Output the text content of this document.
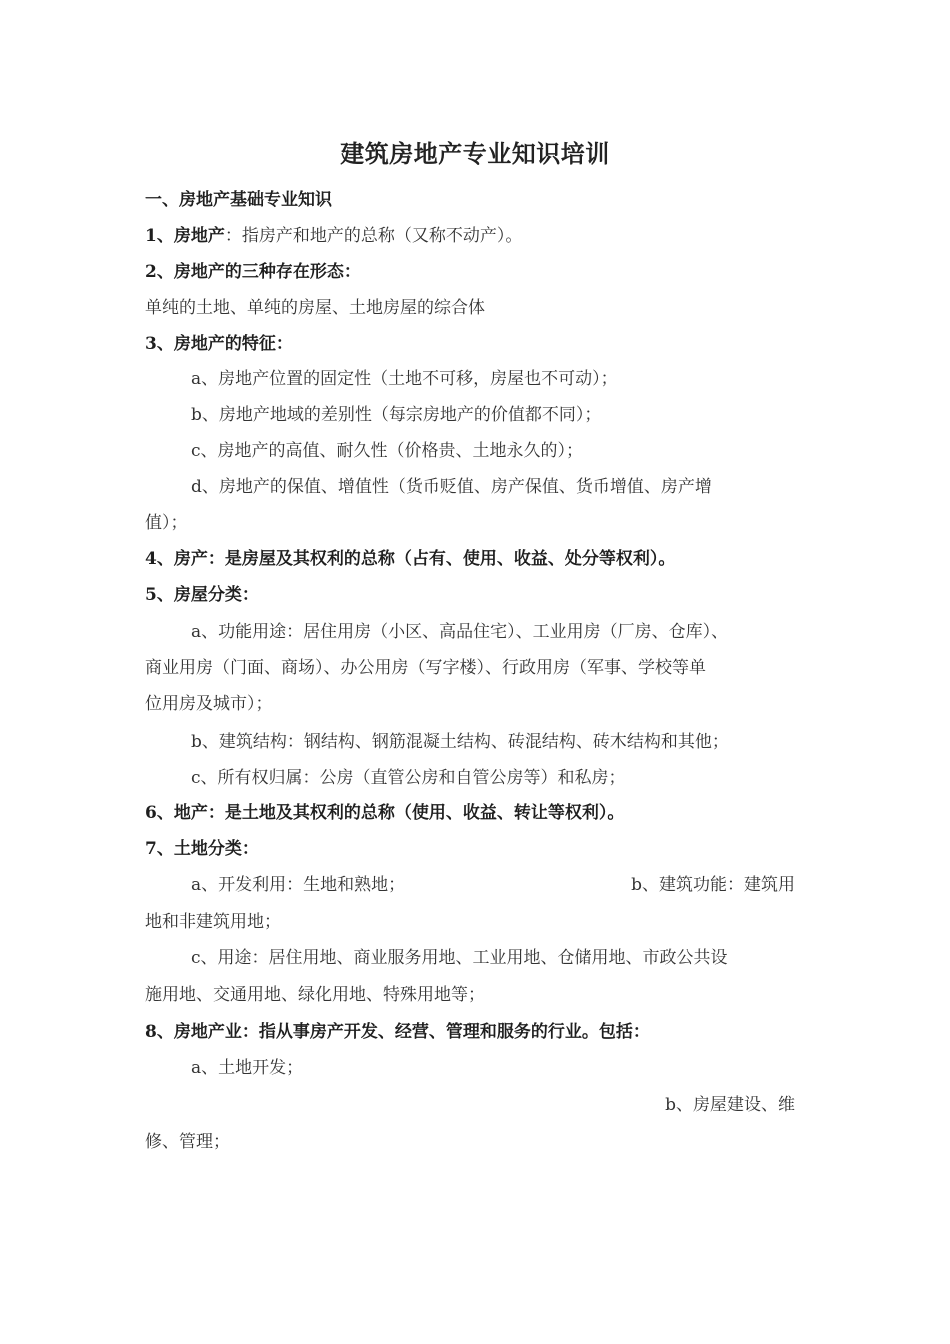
建筑房地产专业知识培训
一、房地产基础专业知识
1、房地产：指房产和地产的总称（又称不动产）。
2、房地产的三种存在形态：
单纯的土地、单纯的房屋、土地房屋的综合体
3、房地产的特征：
a、房地产位置的固定性（土地不可移，房屋也不可动）；
b、房地产地域的差别性（每宗房地产的价值都不同）；
c、房地产的高值、耐久性（价格贵、土地永久的）；
d、房地产的保值、增值性（货币贬值、房产保值、货币增值、房产增
值）；
4、房产：是房屋及其权利的总称（占有、使用、收益、处分等权利）。
5、房屋分类：
a、功能用途：居住用房（小区、高品住宅）、工业用房（厂房、仓库）、
商业用房（门面、商场）、办公用房（写字楼）、行政用房（军事、学校等单
位用房及城市）；
b、建筑结构：钢结构、钢筋混凝土结构、砖混结构、砖木结构和其他；
c、所有权归属：公房（直管公房和自管公房等）和私房；
6、地产：是土地及其权利的总称（使用、收益、转让等权利）。
7、土地分类：
a、开发利用：生地和熟地；	b、建筑功能：建筑用
地和非建筑用地；
c、用途：居住用地、商业服务用地、工业用地、仓储用地、市政公共设
施用地、交通用地、绿化用地、特殊用地等；
8、房地产业：指从事房产开发、经营、管理和服务的行业。包括：
a、土地开发；
b、房屋建设、维
修、管理；
